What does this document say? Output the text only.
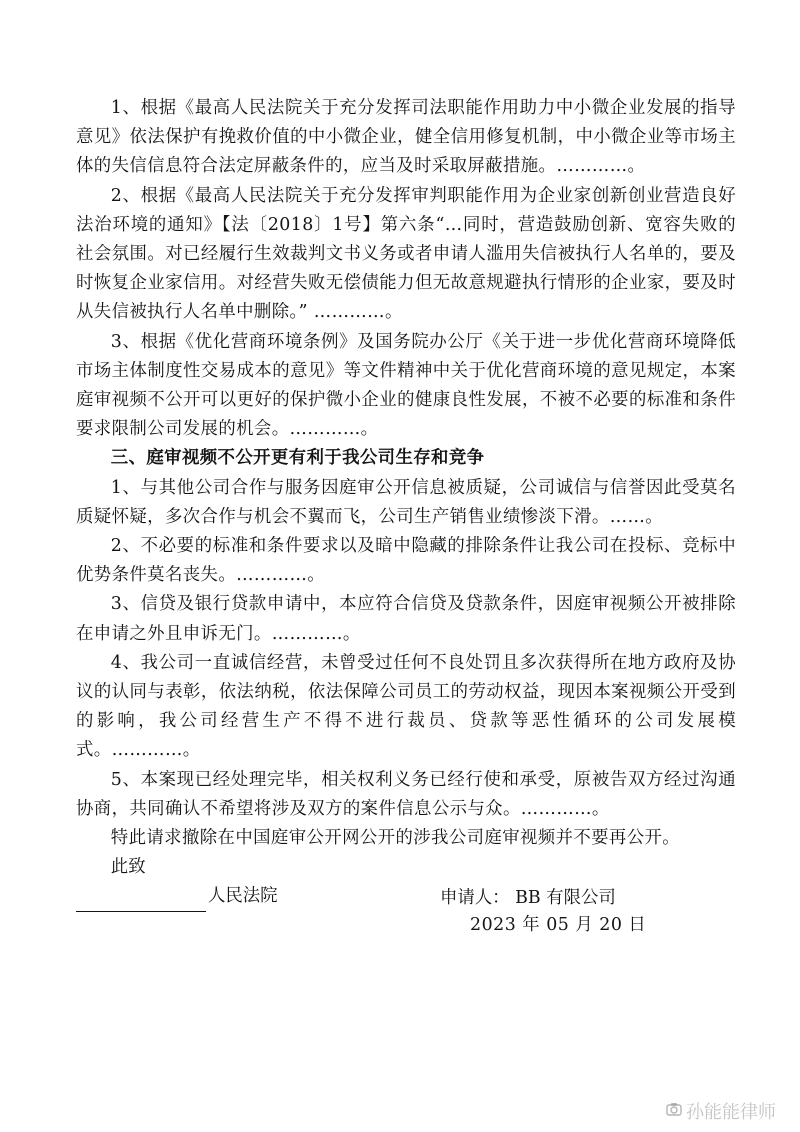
1、根据《最高人民法院关于充分发挥司法职能作用助力中小微企业发展的指导意见》依法保护有挽救价值的中小微企业，健全信用修复机制，中小微企业等市场主体的失信信息符合法定屏蔽条件的，应当及时采取屏蔽措施。…………。

2、根据《最高人民法院关于充分发挥审判职能作用为企业家创新创业营造良好法治环境的通知》【法〔2018〕1号】第六条“…同时，营造鼓励创新、宽容失败的社会氛围。对已经履行生效裁判文书义务或者申请人滥用失信被执行人名单的，要及时恢复企业家信用。对经营失败无偿债能力但无故意规避执行情形的企业家，要及时从失信被执行人名单中删除。” …………。

3、根据《优化营商环境条例》及国务院办公厅《关于进一步优化营商环境降低市场主体制度性交易成本的意见》等文件精神中关于优化营商环境的意见规定，本案庭审视频不公开可以更好的保护微小企业的健康良性发展，不被不必要的标准和条件要求限制公司发展的机会。…………。

三、庭审视频不公开更有利于我公司生存和竞争

1、与其他公司合作与服务因庭审公开信息被质疑，公司诚信与信誉因此受莫名质疑怀疑，多次合作与机会不翼而飞，公司生产销售业绩惨淡下滑。……。

2、不必要的标准和条件要求以及暗中隐藏的排除条件让我公司在投标、竞标中优势条件莫名丧失。…………。

3、信贷及银行贷款申请中，本应符合信贷及贷款条件，因庭审视频公开被排除在申请之外且申诉无门。…………。

4、我公司一直诚信经营，未曾受过任何不良处罚且多次获得所在地方政府及协议的认同与表彰，依法纳税，依法保障公司员工的劳动权益，现因本案视频公开受到的影响，我公司经营生产不得不进行裁员、贷款等恶性循环的公司发展模式。…………。

5、本案现已经处理完毕，相关权利义务已经行使和承受，原被告双方经过沟通协商，共同确认不希望将涉及双方的案件信息公示与众。…………。

特此请求撤除在中国庭审公开网公开的涉我公司庭审视频并不要再公开。

此致

人民法院	申请人： BB 有限公司
2023 年 05 月 20 日
孙能能律师
